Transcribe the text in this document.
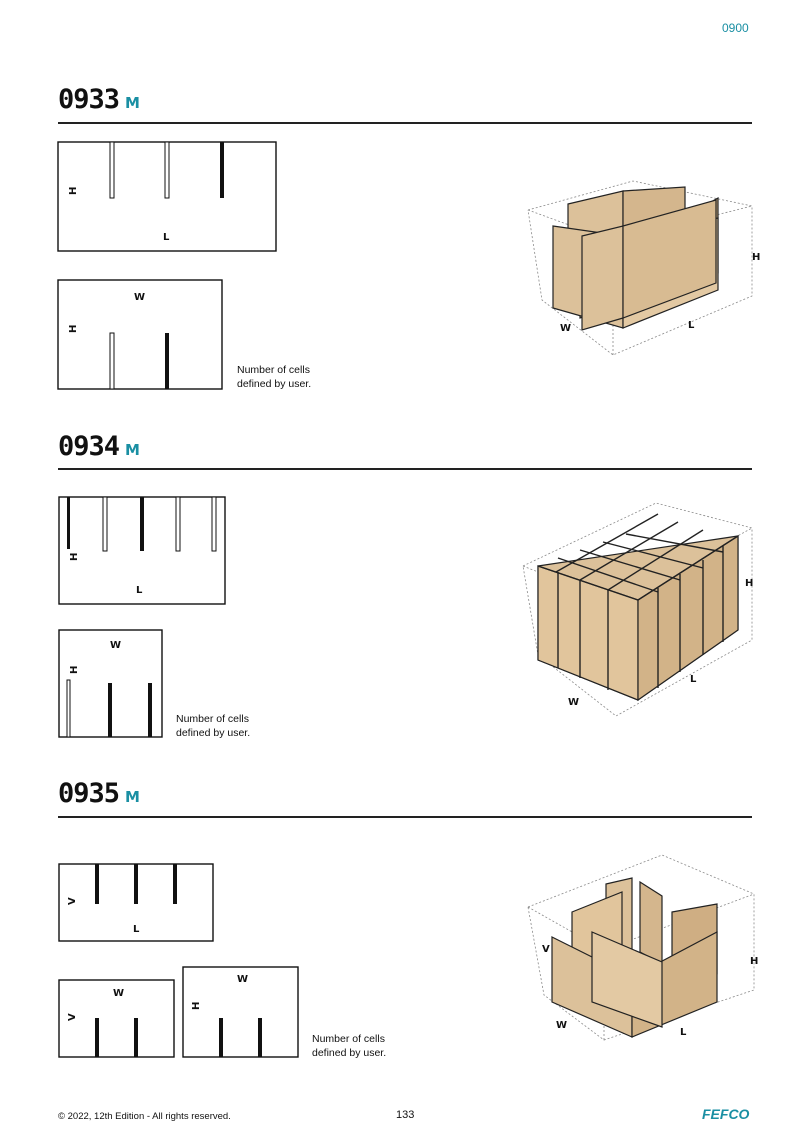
0900
0933 M
H
L
W
H
Number of cells
defined by user.
W	L
H
0934 M
H
L
W
H
Number of cells
defined by user.
W
L
H
0935 M
V
L
W
V
W
H
Number of cells
defined by user.
W
L
H
V
© 2022, 12th Edition - All rights reserved.	133	FEFCO
